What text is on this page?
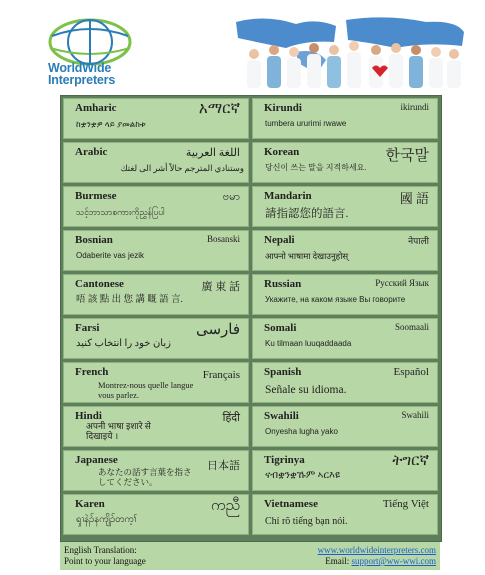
WorldWide
Interpreters
Amharic	አማርኛ
ከቋንቋዎ ላይ ያመልከቱ
Kirundi	ikirundi
tumbera ururimi rwawe
Arabic	اللغة العربية
وستنادي المترجم حالاً أشر الى لغتك
Korean	한국말
당신이 쓰는 말을 지적하세요.
Burmese	ဗမာ
သင့်ဘာသာစကားကိုညွှန်ပြပါ
Mandarin	國 語
請指認您的語言.
Bosnian	Bosanski
Odaberite vas jezik
Nepali	नेपाली
आफ्नो भाषामा देखाउनुहोस्
Cantonese	廣 東 話
唔 該 點 出 您 講 嘅 語 言.
Russian	Русский Язык
Укажите, на каком языке Вы говорите
Farsi	فارسی
زبان خود را انتخاب كنيد
Somali	Soomaali
Ku tilmaan luuqaddaada
French	Français
Montrez-nous quelle langue vous parlez.
Spanish	Español
Señale su idioma.
Hindi	हिंदी
अपनी भाषा इशारे से दिखाइये ।
Swahili	Swahili
Onyesha lugha yako
Japanese	日本語
あなたの話す言葉を指さしてください。
Tigrinya	ትግርኛ
ናብቋንቋኹም ኣርእዩ
Karen	ကညီ
ၡၢနဲၣ်နကျိၣ်တက့ၢ်
Vietnamese	Tiếng Việt
Chỉ rõ tiếng bạn nói.
English Translation:
Point to your language
www.worldwideinterpreters.com
Email: support@ww-wwi.com
